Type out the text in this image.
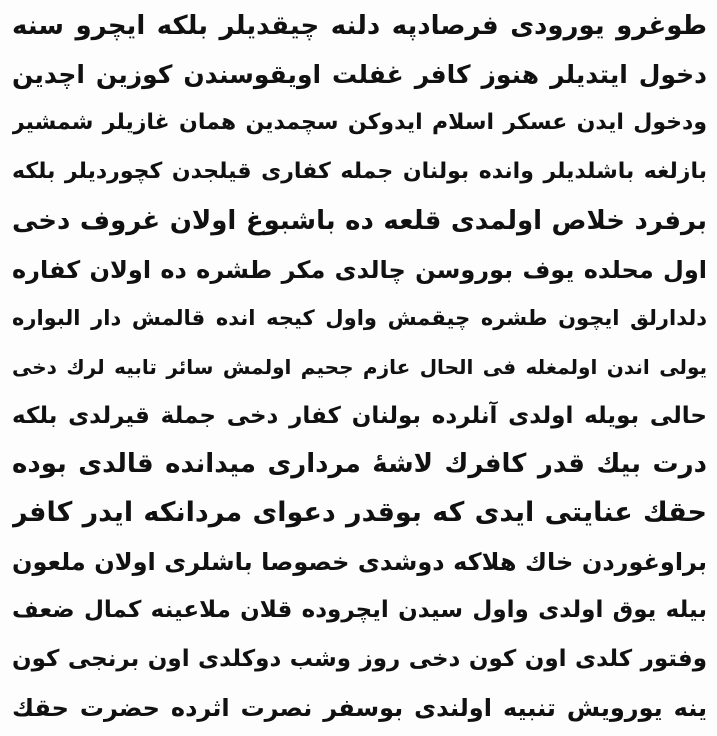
طوغرو يورودى فرصادپه دلنه چيقديلر بلكه ايچرو سنه
دخول ايتديلر هنوز كافر غفلت اويقوسندن كوزين اچدين
ودخول ايدن عسكر اسلام ايدوكن سچمدين همان غازيلر شمشير
بازلغه باشلديلر وانده بولنان جمله كفارى قيلجدن كچورديلر بلكه
برفرد خلاص اولمدى قلعه ده باشبوغ اولان غروف دخى
اول محلده يوف بوروسن چالدى مكر طشره ده اولان كفاره
دلدارلق ايچون طشره چيقمش واول كيجه انده قالمش دار البواره
يولى اندن اولمغله فى الحال عازم جحيم اولمش سائر تابيه لرك دخى
حالى بويله اولدى آنلرده بولنان كفار دخى جملة قيرلدى بلكه
درت بيك قدر كافرك لاشهٔ مردارى ميدانده قالدى بوده
حقك عنايتى ايدى كه بوقدر دعواى مردانكه ايدر كافر
براوغوردن خاك هلاكه دوشدى خصوصا باشلرى اولان ملعون
بيله يوق اولدى واول سيدن ايچروده قلان ملاعينه كمال ضعف
وفتور كلدى اون كون دخى روز وشب دوكلدى اون برنجى كون
ينه يورويش تنبيه اولندى بوسفر نصرت اثرده حضرت حقك
